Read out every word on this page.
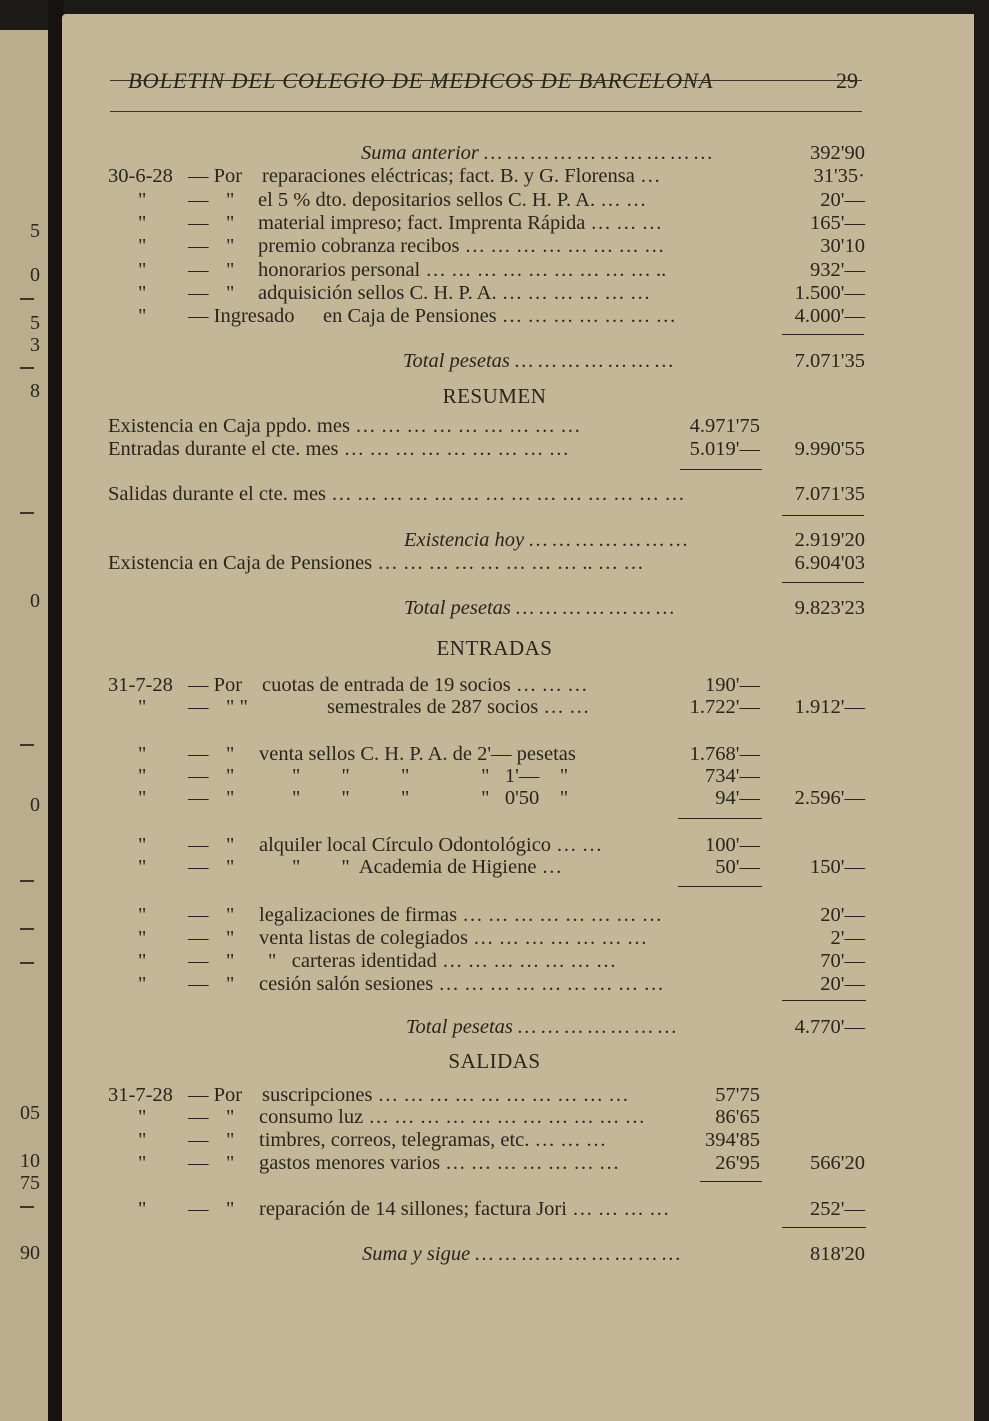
5
0
5
3
8
0
0
05
10
75
90
BOLETIN DEL COLEGIO DE MEDICOS DE BARCELONA	29
Suma anterior … … … … … … … … … …	392'90
30-6-28 — Por reparaciones eléctricas; fact. B. y G. Florensa …	31'35·
" — " el 5 % dto. depositarios sellos C. H. P. A. … …	20'—
" — " material impreso; fact. Imprenta Rápida … … …	165'—
" — " premio cobranza recibos … … … … … … … …	30'10
" — " honorarios personal … … … … … … … … … ..	932'—
" — " adquisición sellos C. H. P. A. … … … … … …	1.500'—
" — Ingresado en Caja de Pensiones … … … … … … …	4.000'—
Total pesetas … … … … … … …	7.071'35
RESUMEN
Existencia en Caja ppdo. mes … … … … … … … … …	4.971'75
Entradas durante el cte. mes … … … … … … … … …	5.019'— 9.990'55
Salidas durante el cte. mes … … … … … … … … … … … … … …	7.071'35
Existencia hoy … … … … … … …	2.919'20
Existencia en Caja de Pensiones … … … … … … … … .. … …	6.904'03
Total pesetas … … … … … … …	9.823'23
ENTRADAS
31-7-28 — Por cuotas de entrada de 19 socios … … …	190'—
" — " "	semestrales de 287 socios … …	1.722'— 1.912'—
" — " venta sellos C. H. P. A. de 2'— pesetas	1.768'—
" — "	"        "          "              "   1'—    "	734'—
" — "	"        "          "              "   0'50    "	94'— 2.596'—
" — " alquiler local Círculo Odontológico … …	100'—
" — "	"        "  Academia de Higiene …	50'— 150'—
" — " legalizaciones de firmas … … … … … … … …	20'—
" — " venta listas de colegiados … … … … … … …	2'—
" — " "   carteras identidad … … … … … … …	70'—
" — " cesión salón sesiones … … … … … … … … …	20'—
Total pesetas … … … … … … …	4.770'—
SALIDAS
31-7-28 — Por suscripciones … … … … … … … … … …	57'75
" — " consumo luz … … … … … … … … … … …	86'65
" — " timbres, correos, telegramas, etc. … … …	394'85
" — " gastos menores varios … … … … … … …	26'95 566'20
" — " reparación de 14 sillones; factura Jori … … … …	252'—
Suma y sigue … … … … … … … … …	818'20
